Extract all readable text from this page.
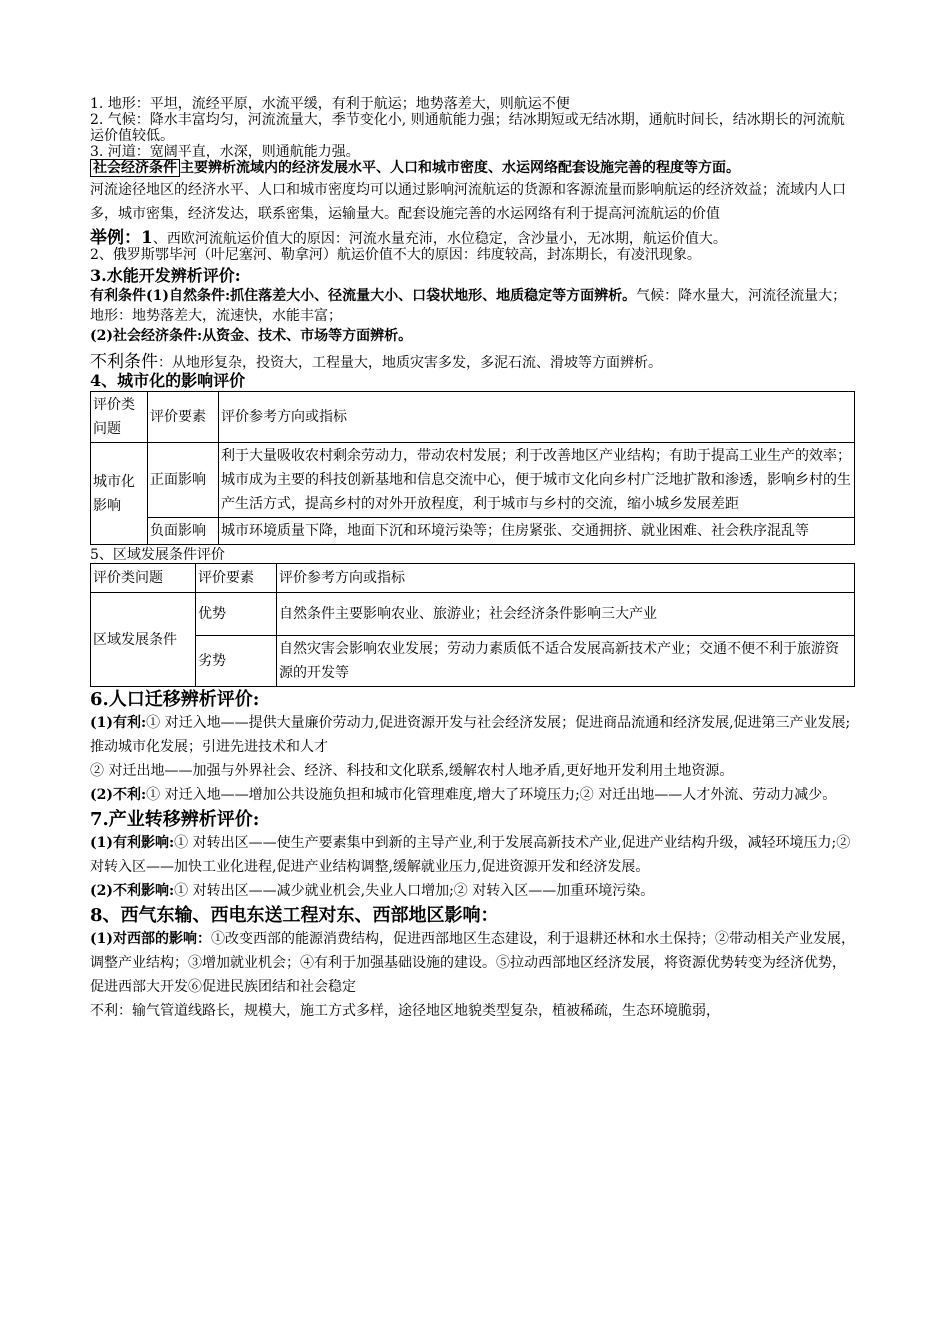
1. 地形：平坦，流经平原，水流平缓，有利于航运；地势落差大，则航运不便

2. 气候：降水丰富均匀，河流流量大，季节变化小, 则通航能力强；结冰期短或无结冰期，通航时间长，结冰期长的河流航运价值较低。

3. 河道：宽阔平直，水深，则通航能力强。

社会经济条件 主要辨析流域内的经济发展水平、人口和城市密度、水运网络配套设施完善的程度等方面。

河流途径地区的经济水平、人口和城市密度均可以通过影响河流航运的货源和客源流量而影响航运的经济效益；流域内人口多，城市密集，经济发达，联系密集，运输量大。配套设施完善的水运网络有利于提高河流航运的价值

举例：1、西欧河流航运价值大的原因：河流水量充沛，水位稳定，含沙量小，无冰期，航运价值大。

2、俄罗斯鄂毕河（叶尼塞河、勒拿河）航运价值不大的原因：纬度较高，封冻期长，有凌汛现象。

3.水能开发辨析评价:

有利条件(1)自然条件:抓住落差大小、径流量大小、口袋状地形、地质稳定等方面辨析。气候：降水量大，河流径流量大；地形：地势落差大，流速快，水能丰富；

(2)社会经济条件:从资金、技术、市场等方面辨析。

不利条件：从地形复杂，投资大，工程量大，地质灾害多发，多泥石流、滑坡等方面辨析。

4、城市化的影响评价

评价类问题	评价要素	评价参考方向或指标
城市化影响	正面影响	利于大量吸收农村剩余劳动力，带动农村发展；利于改善地区产业结构；有助于提高工业生产的效率；城市成为主要的科技创新基地和信息交流中心，便于城市文化向乡村广泛地扩散和渗透，影响乡村的生产生活方式，提高乡村的对外开放程度，利于城市与乡村的交流，缩小城乡发展差距
	负面影响	城市环境质量下降，地面下沉和环境污染等；住房紧张、交通拥挤、就业困难、社会秩序混乱等

5、区域发展条件评价

评价类问题	评价要素	评价参考方向或指标
区域发展条件	优势	自然条件主要影响农业、旅游业；社会经济条件影响三大产业
	劣势	自然灾害会影响农业发展；劳动力素质低不适合发展高新技术产业；交通不便不利于旅游资源的开发等

6.人口迁移辨析评价:

(1)有利:① 对迁入地——提供大量廉价劳动力,促进资源开发与社会经济发展；促进商品流通和经济发展,促进第三产业发展;推动城市化发展；引进先进技术和人才

② 对迁出地——加强与外界社会、经济、科技和文化联系,缓解农村人地矛盾,更好地开发利用土地资源。

(2)不利:① 对迁入地——增加公共设施负担和城市化管理难度,增大了环境压力;② 对迁出地——人才外流、劳动力减少。

7.产业转移辨析评价:

(1)有利影响:① 对转出区——使生产要素集中到新的主导产业,利于发展高新技术产业,促进产业结构升级，减轻环境压力;② 对转入区——加快工业化进程,促进产业结构调整,缓解就业压力,促进资源开发和经济发展。

(2)不利影响:① 对转出区——减少就业机会,失业人口增加;② 对转入区——加重环境污染。

8、西气东输、西电东送工程对东、西部地区影响：

(1)对西部的影响：①改变西部的能源消费结构，促进西部地区生态建设，利于退耕还林和水土保持；②带动相关产业发展，调整产业结构；③增加就业机会；④有利于加强基础设施的建设。⑤拉动西部地区经济发展，将资源优势转变为经济优势，促进西部大开发⑥促进民族团结和社会稳定

不利：输气管道线路长，规模大，施工方式多样，途径地区地貌类型复杂，植被稀疏，生态环境脆弱，
